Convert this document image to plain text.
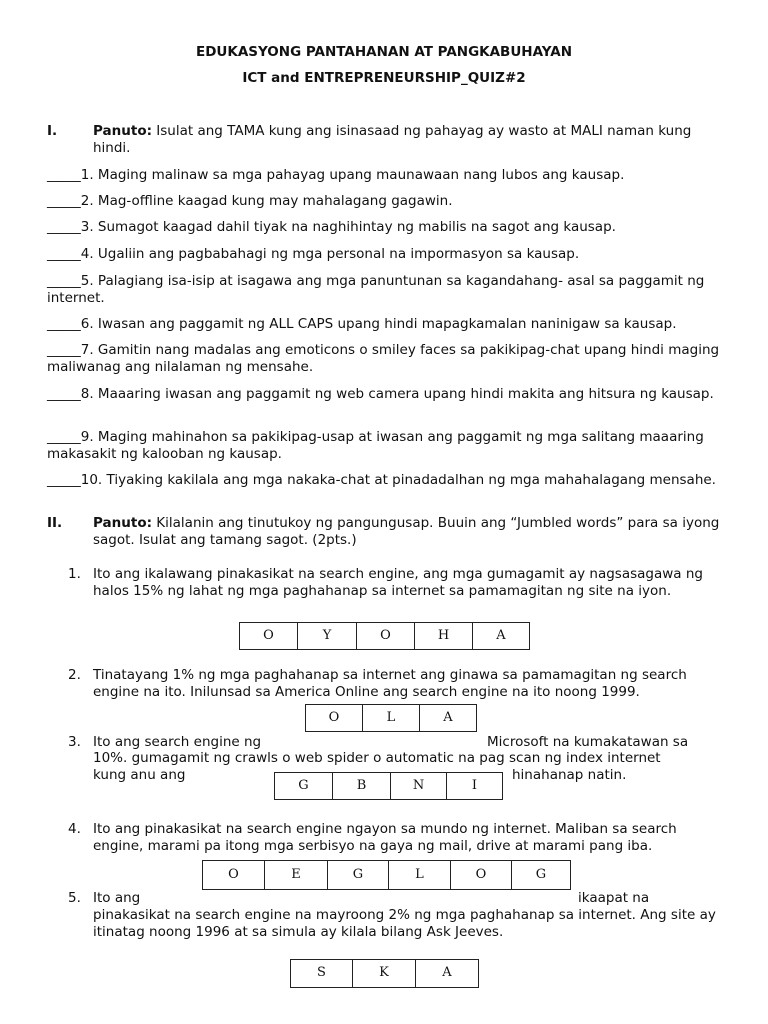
EDUKASYONG PANTAHANAN AT PANGKABUHAYAN
ICT and ENTREPRENEURSHIP_QUIZ#2
I.	Panuto: Isulat ang TAMA kung ang isinasaad ng pahayag ay wasto at MALI naman kung hindi.
_____1. Maging malinaw sa mga pahayag upang maunawaan nang lubos ang kausap.
_____2. Mag-offline kaagad kung may mahalagang gagawin.
_____3. Sumagot kaagad dahil tiyak na naghihintay ng mabilis na sagot ang kausap.
_____4. Ugaliin ang pagbabahagi ng mga personal na impormasyon sa kausap.
_____5. Palagiang isa-isip at isagawa ang mga panuntunan sa kagandahang- asal sa paggamit ng internet.
_____6. Iwasan ang paggamit ng ALL CAPS upang hindi mapagkamalan naninigaw sa kausap.
_____7. Gamitin nang madalas ang emoticons o smiley faces sa pakikipag-chat upang hindi maging maliwanag ang nilalaman ng mensahe.
_____8. Maaaring iwasan ang paggamit ng web camera upang hindi makita ang hitsura ng kausap.
_____9. Maging mahinahon sa pakikipag-usap at iwasan ang paggamit ng mga salitang maaaring makasakit ng kalooban ng kausap.
_____10. Tiyaking kakilala ang mga nakaka-chat at pinadadalhan ng mga mahahalagang mensahe.
II. Panuto: Kilalanin ang tinutukoy ng pangungusap. Buuin ang “Jumbled words” para sa iyong sagot. Isulat ang tamang sagot. (2pts.)
1. Ito ang ikalawang pinakasikat na search engine, ang mga gumagamit ay nagsasagawa ng halos 15% ng lahat ng mga paghahanap sa internet sa pamamagitan ng site na iyon.
O	Y	O	H	A
2. Tinatayang 1% ng mga paghahanap sa internet ang ginawa sa pamamagitan ng search engine na ito. Inilunsad sa America Online ang search engine na ito noong 1999.
O	L	A
3. Ito ang search engine ng	Microsoft na kumakatawan sa
10%. gumagamit ng crawls o web spider o automatic na pag scan ng index internet
kung anu ang	hinahanap natin.
G	B	N	I
4. Ito ang pinakasikat na search engine ngayon sa mundo ng internet. Maliban sa search engine, marami pa itong mga serbisyo na gaya ng mail, drive at marami pang iba.
O	E	G	L	O	G
5. Ito ang	ikaapat na
pinakasikat na search engine na mayroong 2% ng mga paghahanap sa internet. Ang site ay itinatag noong 1996 at sa simula ay kilala bilang Ask Jeeves.
S	K	A
